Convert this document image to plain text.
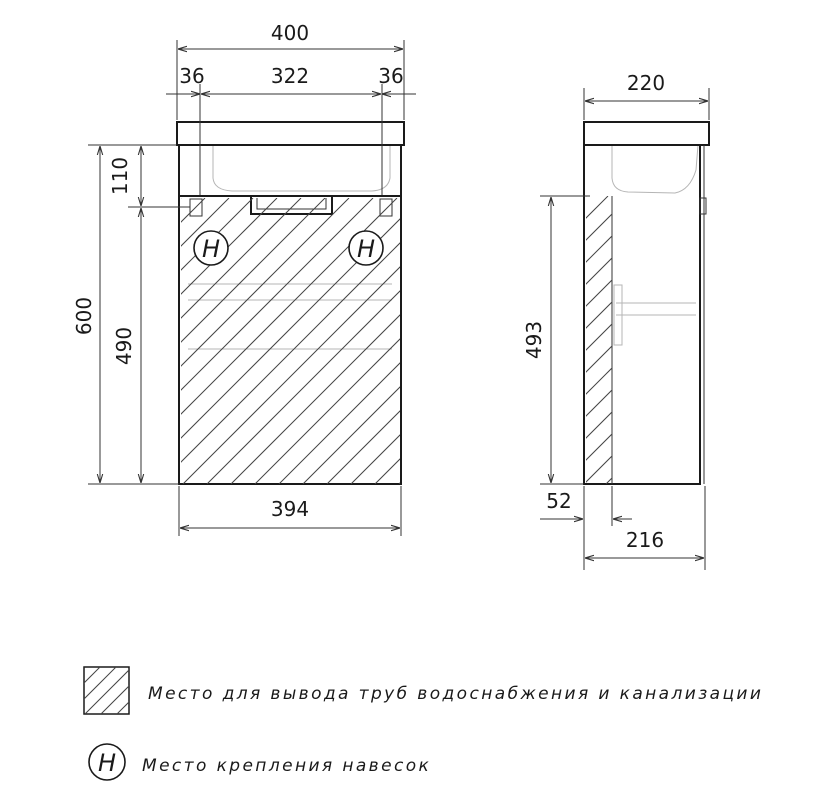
H	H
400
36	322	36
110
600
490
394
220
493
52
216
Место для вывода труб водоснабжения и канализации
H Место крепления навесок
